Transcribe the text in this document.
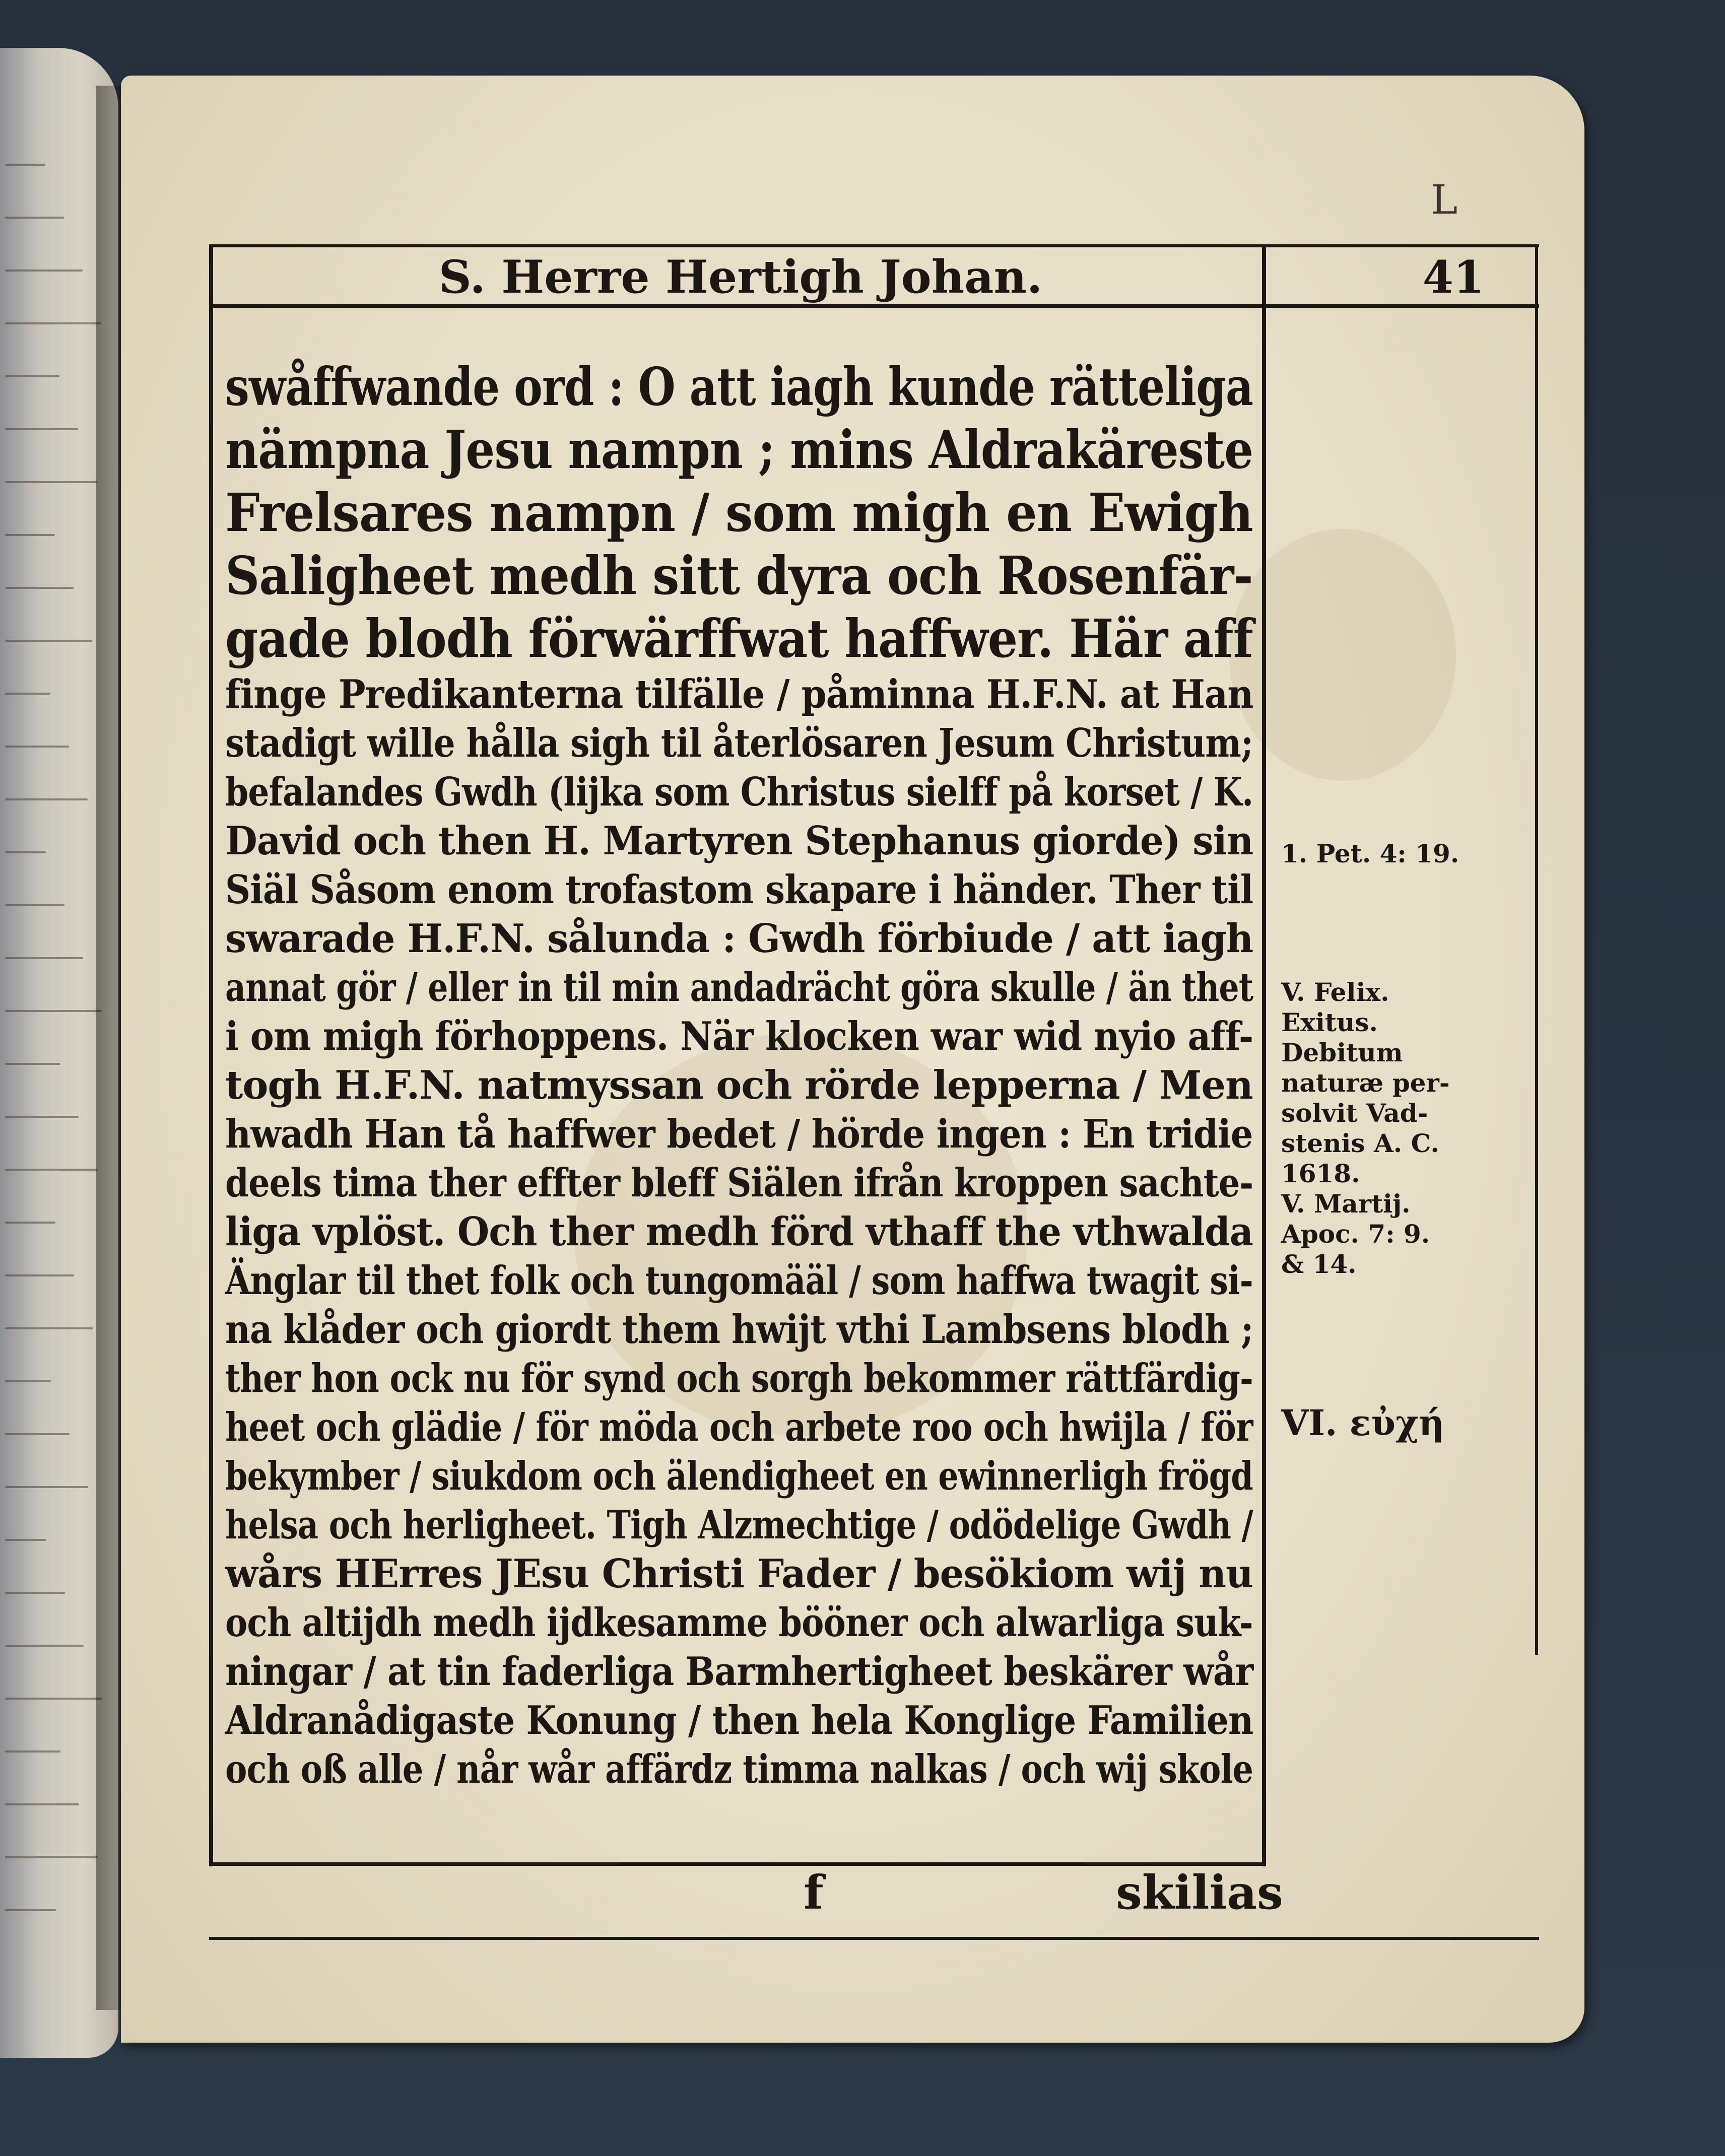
L
S. Herre Hertigh Johan.	41
swåffwande ord : O att iagh kunde rätteliga
nämpna Jesu nampn ; mins Aldrakäreste
Frelsares nampn / som migh en Ewigh
Saligheet medh sitt dyra och Rosenfär-
gade blodh förwärffwat haffwer. Här aff
finge Predikanterna tilfälle / påminna H.F.N. at Han
stadigt wille hålla sigh til återlösaren Jesum Christum;
befalandes Gwdh (lijka som Christus sielff på korset / K.
David och then H. Martyren Stephanus giorde) sin
Siäl Såsom enom trofastom skapare i händer. Ther til
swarade H.F.N. sålunda : Gwdh förbiude / att iagh
annat gör / eller in til min andadrächt göra skulle / än thet
i om migh förhoppens. När klocken war wid nyio aff-
togh H.F.N. natmyssan och rörde lepperna / Men
hwadh Han tå haffwer bedet / hörde ingen : En tridie
deels tima ther effter bleff Siälen ifrån kroppen sachte-
liga vplöst. Och ther medh förd vthaff the vthwalda
Änglar til thet folk och tungomääl / som haffwa twagit si-
na klåder och giordt them hwijt vthi Lambsens blodh ;
ther hon ock nu för synd och sorgh bekommer rättfärdig-
heet och glädie / för möda och arbete roo och hwijla / för
bekymber / siukdom och älendigheet en ewinnerligh frögd
helsa och herligheet. Tigh Alzmechtige / odödelige Gwdh /
wårs HErres JEsu Christi Fader / besökiom wij nu
och altijdh medh ijdkesamme bööner och alwarliga suk-
ningar / at tin faderliga Barmhertigheet beskärer wår
Aldranådigaste Konung / then hela Konglige Familien
och oß alle / når wår affärdz timma nalkas / och wij skole
1. Pet. 4: 19.
V. Felix.
Exitus.
Debitum
naturæ per-
solvit Vad-
stenis A. C.
1618.
V. Martij.
Apoc. 7: 9.
& 14.
VI. εὐχή
f	skilias
